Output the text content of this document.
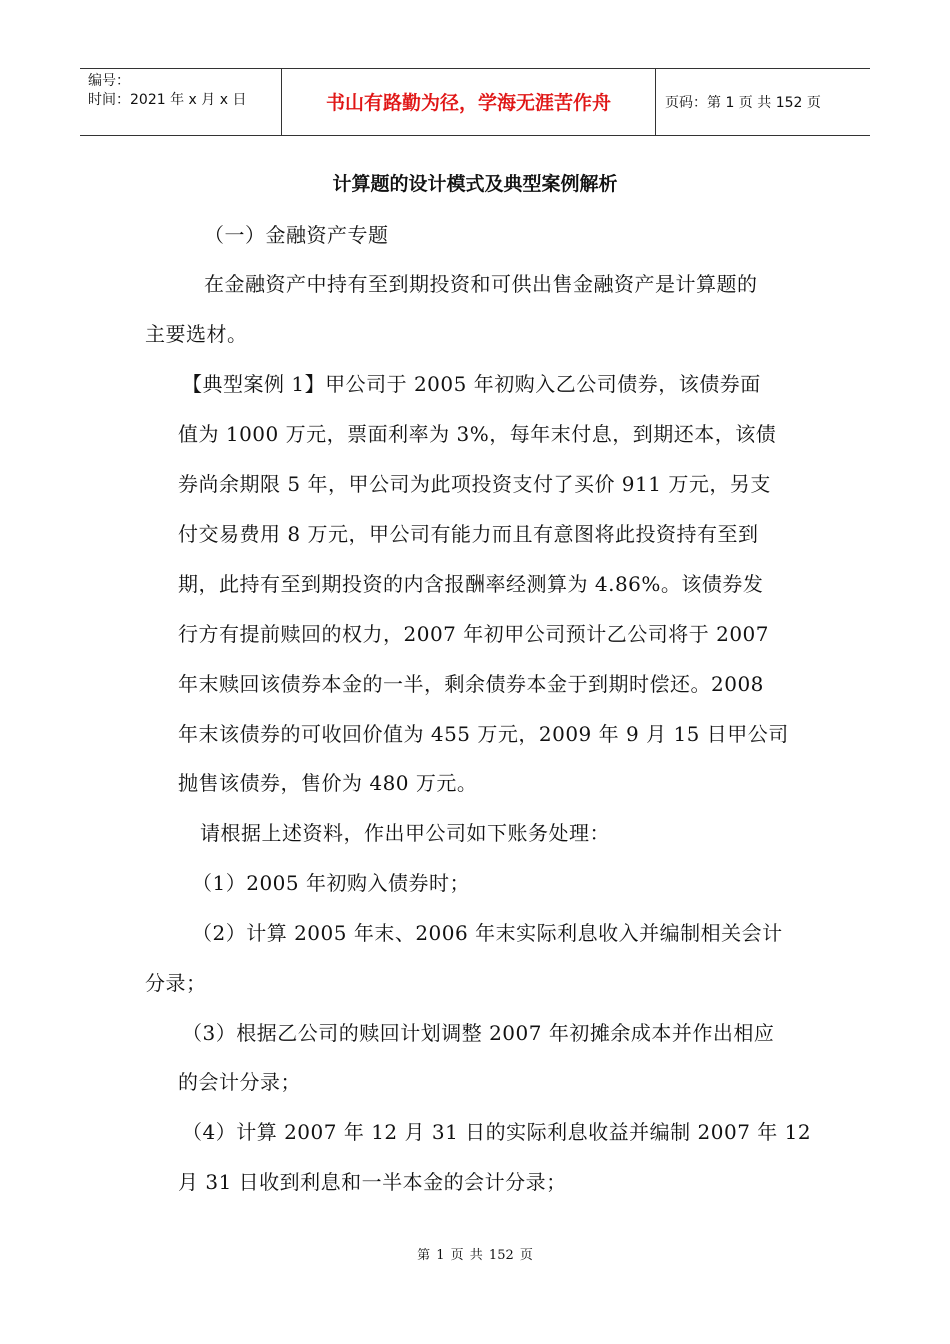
编号：
时间：2021 年 x 月 x 日	书山有路勤为径，学海无涯苦作舟	页码：第 1 页 共 152 页
计算题的设计模式及典型案例解析
（一）金融资产专题
在金融资产中持有至到期投资和可供出售金融资产是计算题的
主要选材。
【典型案例 1】甲公司于 2005 年初购入乙公司债券，该债券面
值为 1000 万元，票面利率为 3%，每年末付息，到期还本，该债
券尚余期限 5 年，甲公司为此项投资支付了买价 911 万元，另支
付交易费用 8 万元，甲公司有能力而且有意图将此投资持有至到
期，此持有至到期投资的内含报酬率经测算为 4.86%。该债券发
行方有提前赎回的权力，2007 年初甲公司预计乙公司将于 2007
年末赎回该债券本金的一半，剩余债券本金于到期时偿还。2008
年末该债券的可收回价值为 455 万元，2009 年 9 月 15 日甲公司
抛售该债券，售价为 480 万元。
请根据上述资料，作出甲公司如下账务处理：
（1）2005 年初购入债券时；
（2）计算 2005 年末、2006 年末实际利息收入并编制相关会计
分录；
（3）根据乙公司的赎回计划调整 2007 年初摊余成本并作出相应
的会计分录；
（4）计算 2007 年 12 月 31 日的实际利息收益并编制 2007 年 12
月 31 日收到利息和一半本金的会计分录；
第 1 页 共 152 页
